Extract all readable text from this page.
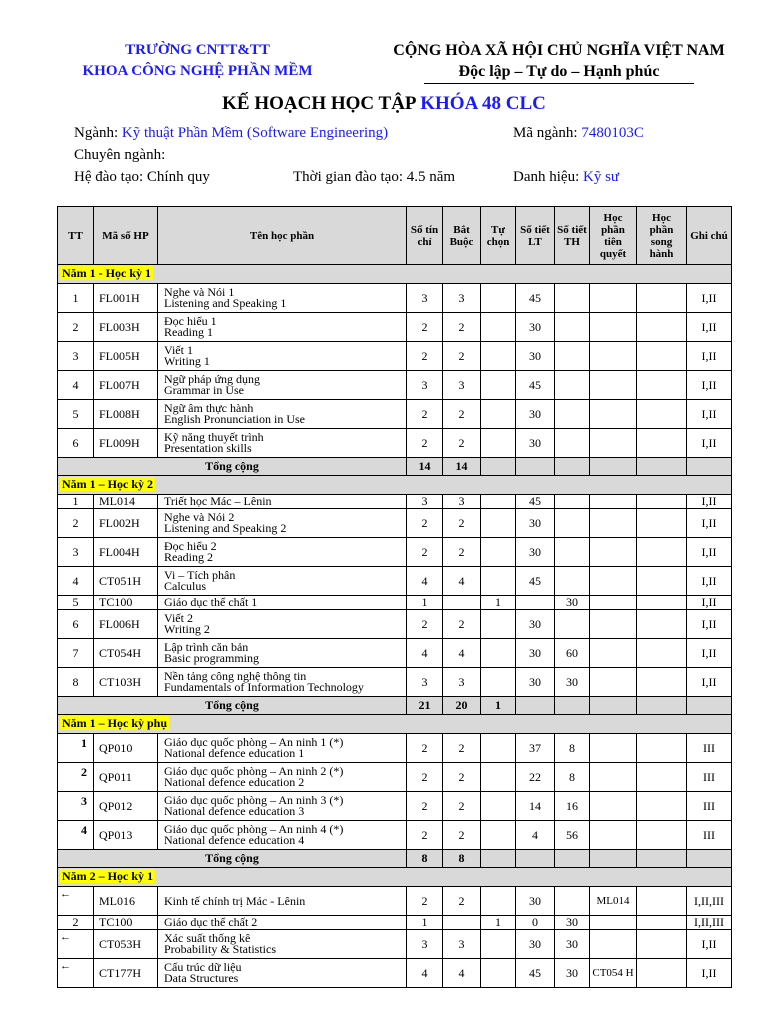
TRƯỜNG CNTT&TT
KHOA CÔNG NGHỆ PHẦN MỀM
CỘNG HÒA XÃ HỘI CHỦ NGHĨA VIỆT NAM
Độc lập – Tự do – Hạnh phúc
KẾ HOẠCH HỌC TẬP KHÓA 48 CLC
Ngành: Kỹ thuật Phần Mềm (Software Engineering)	Mã ngành: 7480103C
Chuyên ngành:
Hệ đào tạo: Chính quy	Thời gian đào tạo: 4.5 năm	Danh hiệu: Kỹ sư
TT	Mã số HP	Tên học phần	Số tín chỉ	Bắt Buộc	Tự chọn	Số tiết LT	Số tiết TH	Học phần tiên quyết	Học phần song hành	Ghi chú
Năm 1 - Học kỳ 1										
1	FL001H	Nghe và Nói 1
Listening and Speaking 1	3	3		45				I,II
2	FL003H	Đọc hiểu 1
Reading 1	2	2		30				I,II
3	FL005H	Viết 1
Writing 1	2	2		30				I,II
4	FL007H	Ngữ pháp ứng dụng
Grammar in Use	3	3		45				I,II
5	FL008H	Ngữ âm thực hành
English Pronunciation in Use	2	2		30				I,II
6	FL009H	Kỹ năng thuyết trình
Presentation skills	2	2		30				I,II
Tổng cộng			14	14						
Năm 1 – Học kỳ 2										
1	ML014	Triết học Mác – Lênin	3	3		45				I,II
2	FL002H	Nghe và Nói 2
Listening and Speaking 2	2	2		30				I,II
3	FL004H	Đọc hiểu 2
Reading 2	2	2		30				I,II
4	CT051H	Vi – Tích phân
Calculus	4	4		45				I,II
5	TC100	Giáo dục thể chất 1	1		1		30			I,II
6	FL006H	Viết 2
Writing 2	2	2		30				I,II
7	CT054H	Lập trình căn bản
Basic programming	4	4		30	60			I,II
8	CT103H	Nền tảng công nghệ thông tin
Fundamentals of Information Technology	3	3		30	30			I,II
Tổng cộng			21	20	1					
Năm 1 – Học kỳ phụ										

1	QP010	Giáo dục quốc phòng – An ninh 1 (*)
National defence education 1	2	2		37	8			III

2	QP011	Giáo dục quốc phòng – An ninh 2 (*)
National defence education 2	2	2		22	8			III

3	QP012	Giáo dục quốc phòng – An ninh 3 (*)
National defence education 3	2	2		14	16			III

4	QP013	Giáo dục quốc phòng – An ninh 4 (*)
National defence education 4	2	2		4	56			III
Tổng cộng			8	8						
Năm 2 – Học kỳ 1										

←	ML016	Kinh tế chính trị Mác - Lênin	2	2		30		ML014		I,II,III
2	TC100	Giáo dục thể chất 2	1		1	0	30			I,II,III

←	CT053H	Xác suất thống kê
Probability & Statistics	3	3		30	30			I,II

←	CT177H	Cấu trúc dữ liệu
Data Structures	4	4		45	30	CT054 H		I,II
